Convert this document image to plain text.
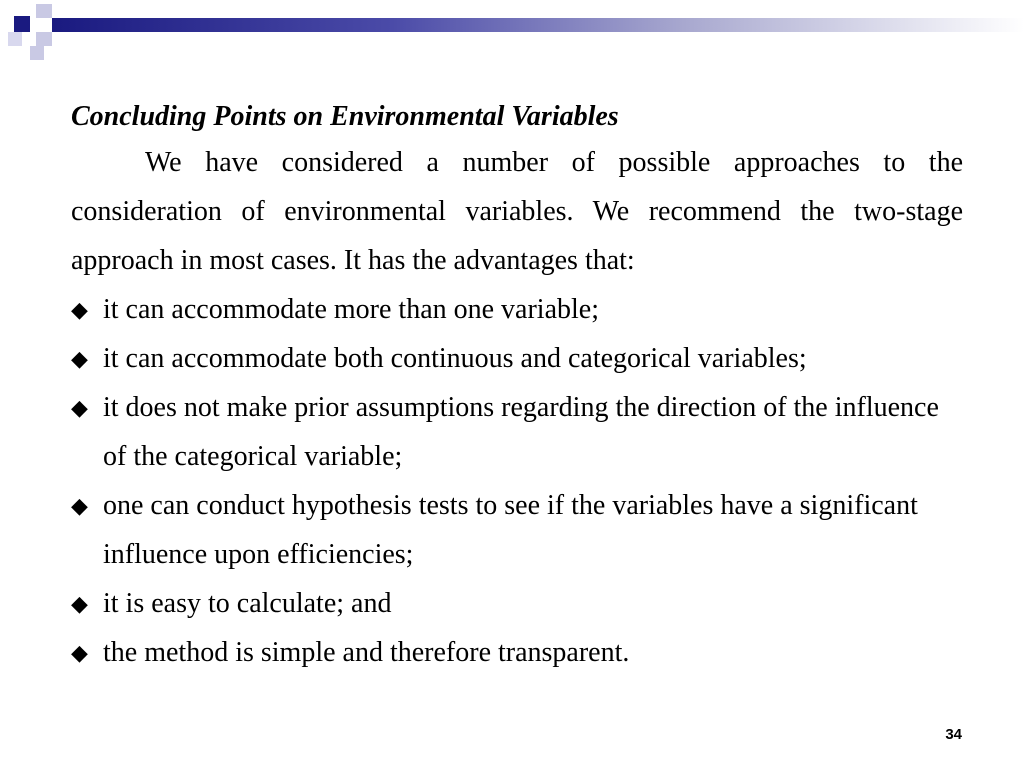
Concluding Points on Environmental Variables

We have considered a number of possible approaches to the consideration of environmental variables. We recommend the two-stage approach in most cases. It has the advantages that:

◆ it can accommodate more than one variable;
◆ it can accommodate both continuous and categorical variables;
◆ it does not make prior assumptions regarding the direction of the influence of the categorical variable;
◆ one can conduct hypothesis tests to see if the variables have a significant influence upon efficiencies;
◆ it is easy to calculate; and
◆ the method is simple and therefore transparent.
34
